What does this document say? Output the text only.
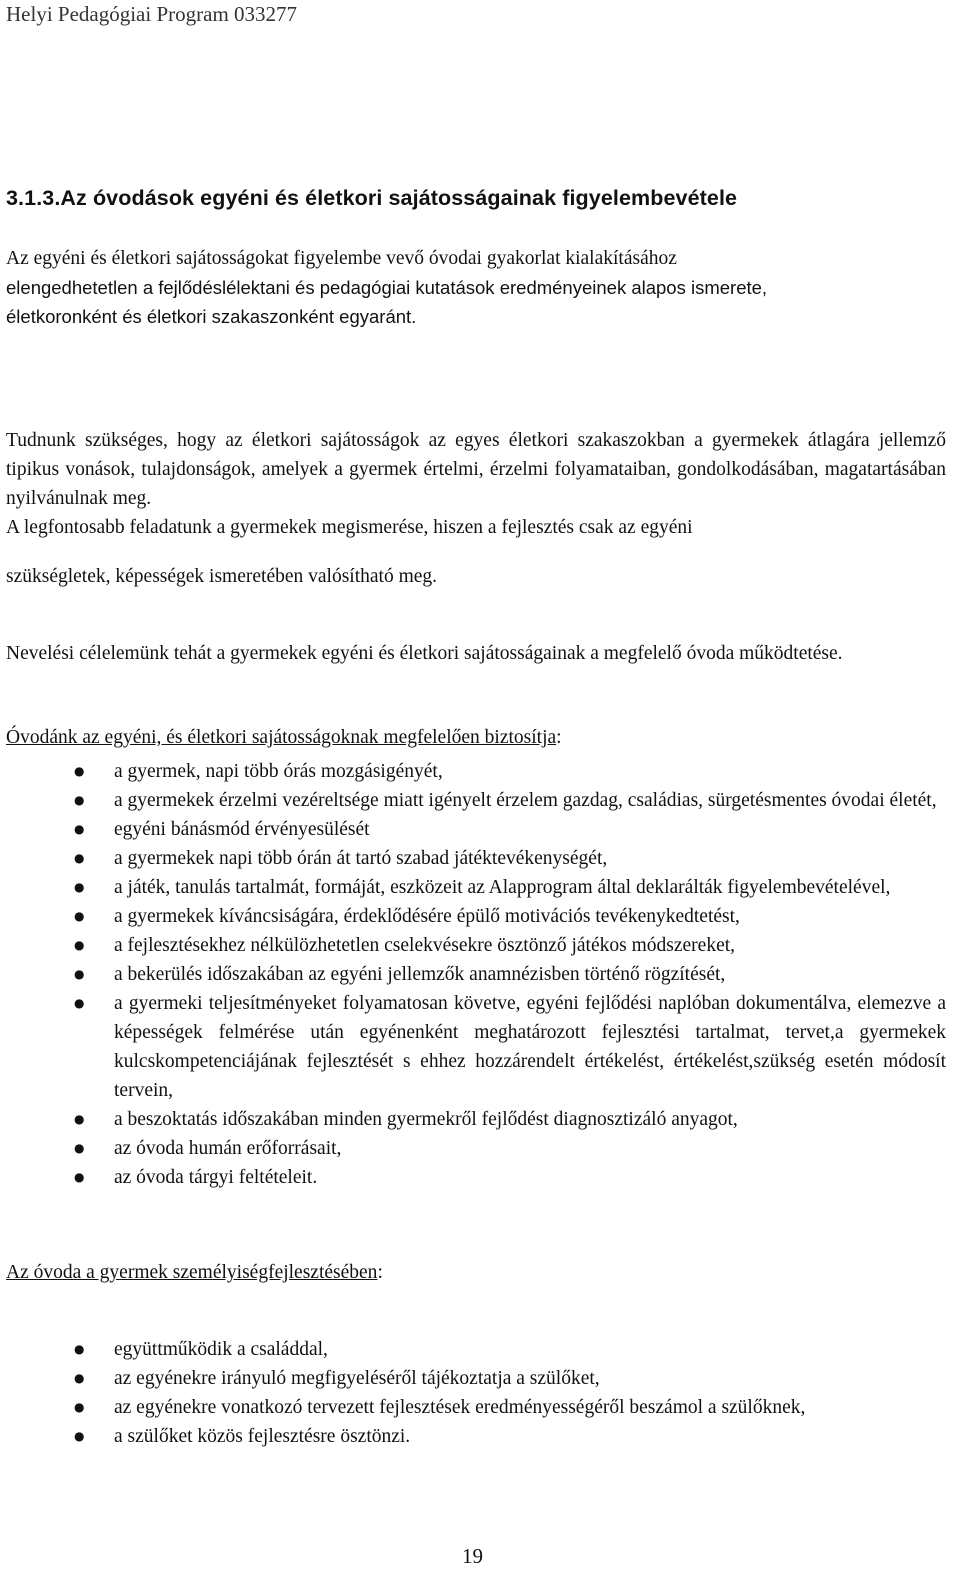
Helyi Pedagógiai Program 033277
3.1.3.Az óvodások egyéni és életkori sajátosságainak figyelembevétele

Az egyéni és életkori sajátosságokat figyelembe vevő óvodai gyakorlat kialakításához
elengedhetetlen a fejlődéslélektani és pedagógiai kutatások eredményeinek alapos ismerete,
életkoronként és életkori szakaszonként egyaránt.

Tudnunk szükséges, hogy az életkori sajátosságok az egyes életkori szakaszokban a gyermekek átlagára jellemző tipikus vonások, tulajdonságok, amelyek a gyermek értelmi, érzelmi folyamataiban, gondolkodásában, magatartásában nyilvánulnak meg.

A legfontosabb feladatunk a gyermekek megismerése, hiszen a fejlesztés csak az egyéni
szükségletek, képességek ismeretében valósítható meg.

Nevelési célelemünk tehát a gyermekek egyéni és életkori sajátosságainak a megfelelő óvoda működtetése.

Óvodánk az egyéni, és életkori sajátosságoknak megfelelően biztosítja:

● a gyermek, napi több órás mozgásigényét,
● a gyermekek érzelmi vezéreltsége miatt igényelt érzelem gazdag, családias, sürgetésmentes óvodai életét,
● egyéni bánásmód érvényesülését
● a gyermekek napi több órán át tartó szabad játéktevékenységét,
● a játék, tanulás tartalmát, formáját, eszközeit az Alapprogram által deklarálták figyelembevételével,
● a gyermekek kíváncsiságára, érdeklődésére épülő motivációs tevékenykedtetést,
● a fejlesztésekhez nélkülözhetetlen cselekvésekre ösztönző játékos módszereket,
● a bekerülés időszakában az egyéni jellemzők anamnézisben történő rögzítését,
● a gyermeki teljesítményeket folyamatosan követve, egyéni fejlődési naplóban dokumentálva, elemezve a képességek felmérése után egyénenként meghatározott fejlesztési tartalmat, tervet,a gyermekek kulcskompetenciájának fejlesztését s ehhez hozzárendelt értékelést, értékelést,szükség esetén módosít tervein,
● a beszoktatás időszakában minden gyermekről fejlődést diagnosztizáló anyagot,
● az óvoda humán erőforrásait,
● az óvoda tárgyi feltételeit.

Az óvoda a gyermek személyiségfejlesztésében:

● együttműködik a családdal,
● az egyénekre irányuló megfigyeléséről tájékoztatja a szülőket,
● az egyénekre vonatkozó tervezett fejlesztések eredményességéről beszámol a szülőknek,
● a szülőket közös fejlesztésre ösztönzi.
19
